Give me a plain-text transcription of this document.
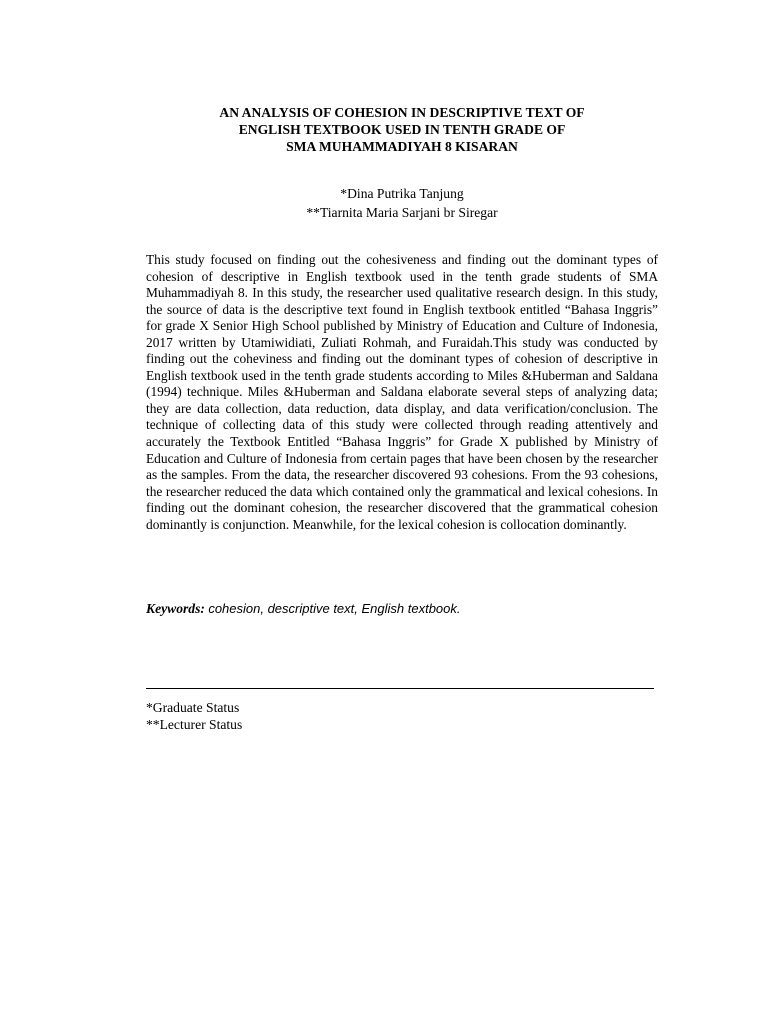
AN ANALYSIS OF COHESION IN DESCRIPTIVE TEXT OF
ENGLISH TEXTBOOK USED IN TENTH GRADE OF
SMA MUHAMMADIYAH 8 KISARAN
*Dina Putrika Tanjung
**Tiarnita Maria Sarjani br Siregar

This study focused on finding out the cohesiveness and finding out the dominant types of cohesion of descriptive in English textbook used in the tenth grade students of SMA Muhammadiyah 8. In this study, the researcher used qualitative research design. In this study, the source of data is the descriptive text found in English textbook entitled “Bahasa Inggris” for grade X Senior High School published by Ministry of Education and Culture of Indonesia, 2017 written by Utamiwidiati, Zuliati Rohmah, and Furaidah.This study was conducted by finding out the coheviness and finding out the dominant types of cohesion of descriptive in English textbook used in the tenth grade students according to Miles &Huberman and Saldana (1994) technique. Miles &Huberman and Saldana elaborate several steps of analyzing data; they are data collection, data reduction, data display, and data verification/conclusion. The technique of collecting data of this study were collected through reading attentively and accurately the Textbook Entitled “Bahasa Inggris” for Grade X published by Ministry of Education and Culture of Indonesia from certain pages that have been chosen by the researcher as the samples. From the data, the researcher discovered 93 cohesions. From the 93 cohesions, the researcher reduced the data which contained only the grammatical and lexical cohesions. In finding out the dominant cohesion, the researcher discovered that the grammatical cohesion dominantly is conjunction. Meanwhile, for the lexical cohesion is collocation dominantly.

Keywords: cohesion, descriptive text, English textbook.
*Graduate Status
**Lecturer Status
